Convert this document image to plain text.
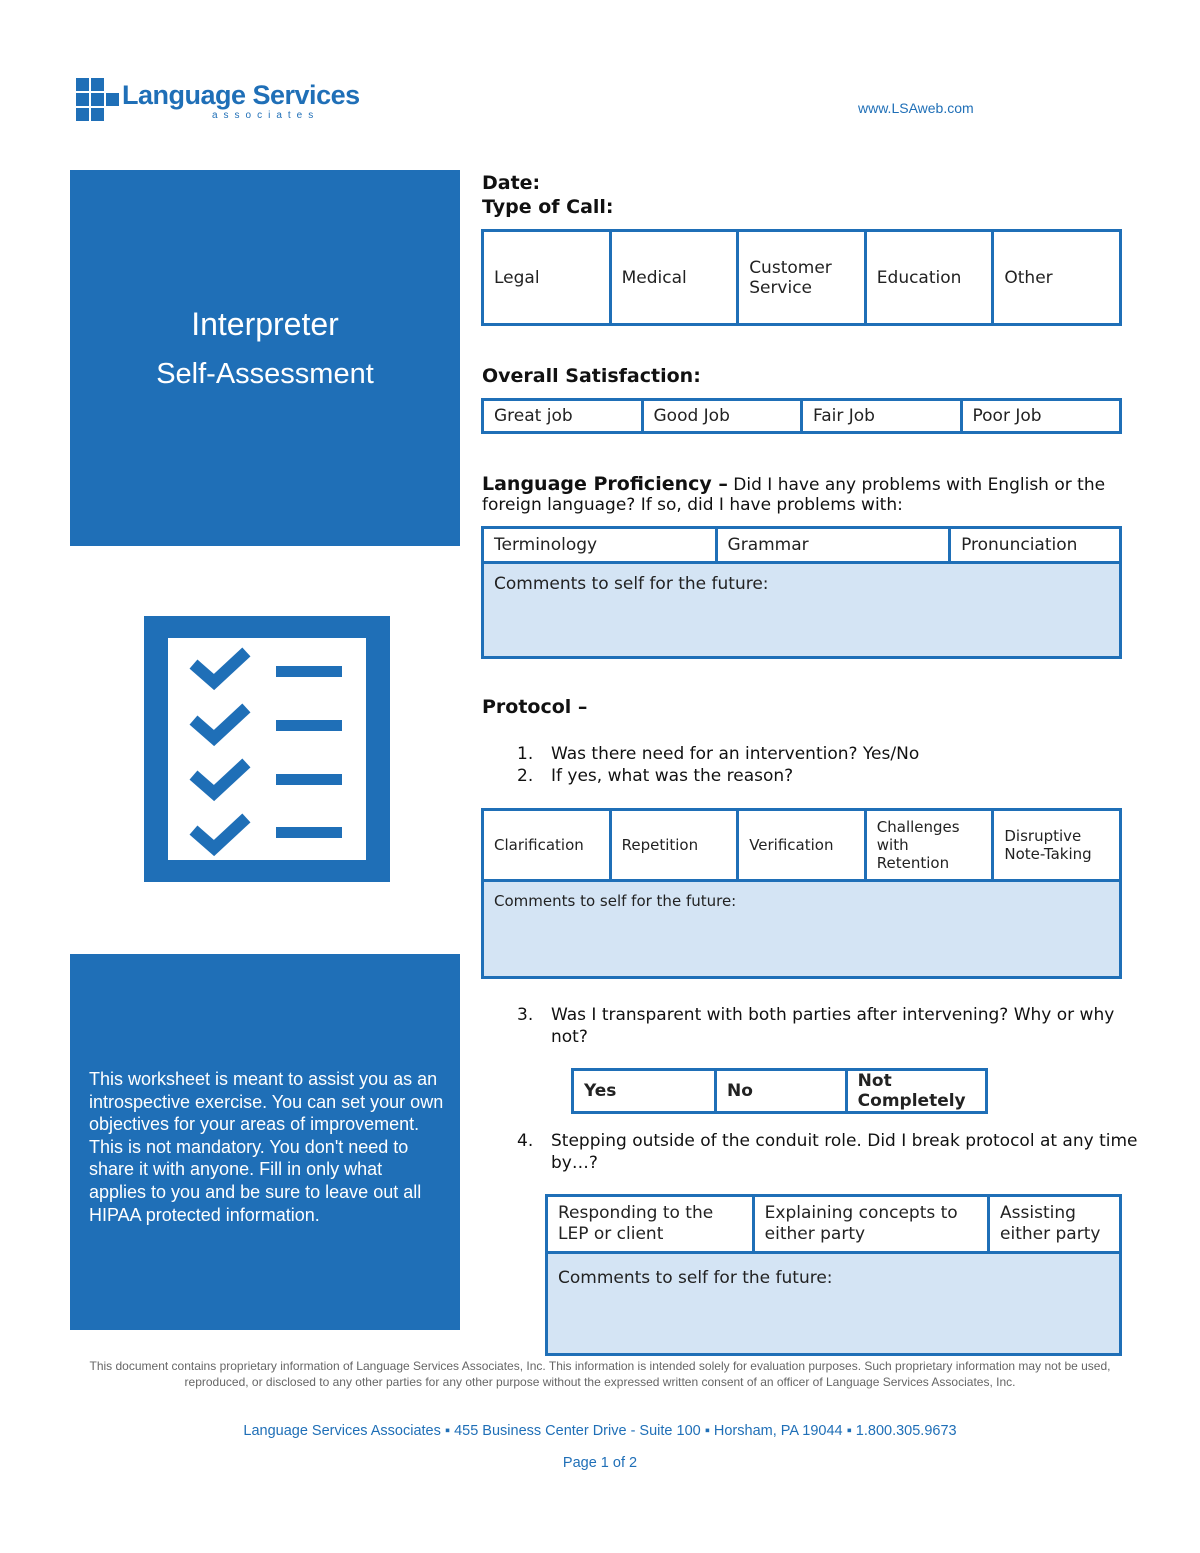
Language Services
associates	www.LSAweb.com
Interpreter
Self-Assessment
This worksheet is meant to assist you as an introspective exercise. You can set your own objectives for your areas of improvement. This is not mandatory. You don't need to share it with anyone. Fill in only what applies to you and be sure to leave out all HIPAA protected information.
Date:
Type of Call:
Legal	Medical	Customer Service	Education	Other
Overall Satisfaction:
Great job	Good Job	Fair Job	Poor Job
Language Proficiency – Did I have any problems with English or the
foreign language? If so, did I have problems with:
Terminology	Grammar	Pronunciation
Comments to self for the future:
Protocol –
1. Was there need for an intervention? Yes/No
2. If yes, what was the reason?
Clarification	Repetition	Verification	Challenges with Retention	Disruptive Note-Taking
Comments to self for the future:
3. Was I transparent with both parties after intervening? Why or why not?
Yes	No	Not Completely
4. Stepping outside of the conduit role. Did I break protocol at any time by…?
Responding to the LEP or client	Explaining concepts to either party	Assisting either party
Comments to self for the future:
This document contains proprietary information of Language Services Associates, Inc. This information is intended solely for evaluation purposes. Such proprietary information may not be used, reproduced, or disclosed to any other parties for any other purpose without the expressed written consent of an officer of Language Services Associates, Inc.
Language Services Associates ▪ 455 Business Center Drive - Suite 100 ▪ Horsham, PA 19044 ▪ 1.800.305.9673
Page 1 of 2
